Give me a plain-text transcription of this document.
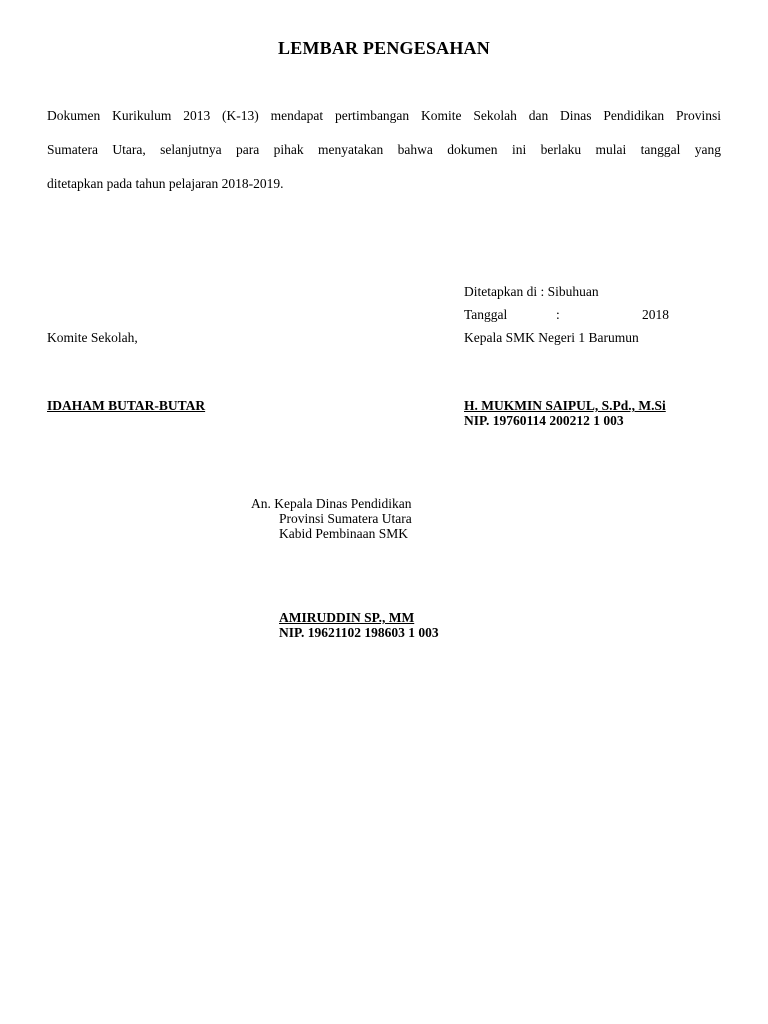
LEMBAR PENGESAHAN
Dokumen Kurikulum 2013 (K-13) mendapat pertimbangan Komite Sekolah dan Dinas Pendidikan Provinsi
Sumatera Utara, selanjutnya para pihak menyatakan bahwa dokumen ini berlaku mulai tanggal yang
ditetapkan pada tahun pelajaran 2018-2019.
Ditetapkan di : Sibuhuan
Tanggal	:	2018
Komite Sekolah,	Kepala SMK Negeri 1 Barumun
IDAHAM BUTAR-BUTAR	H. MUKMIN SAIPUL, S.Pd., M.Si
NIP. 19760114 200212 1 003
An. Kepala Dinas Pendidikan
Provinsi Sumatera Utara
Kabid Pembinaan SMK
AMIRUDDIN SP., MM
NIP. 19621102 198603 1 003
